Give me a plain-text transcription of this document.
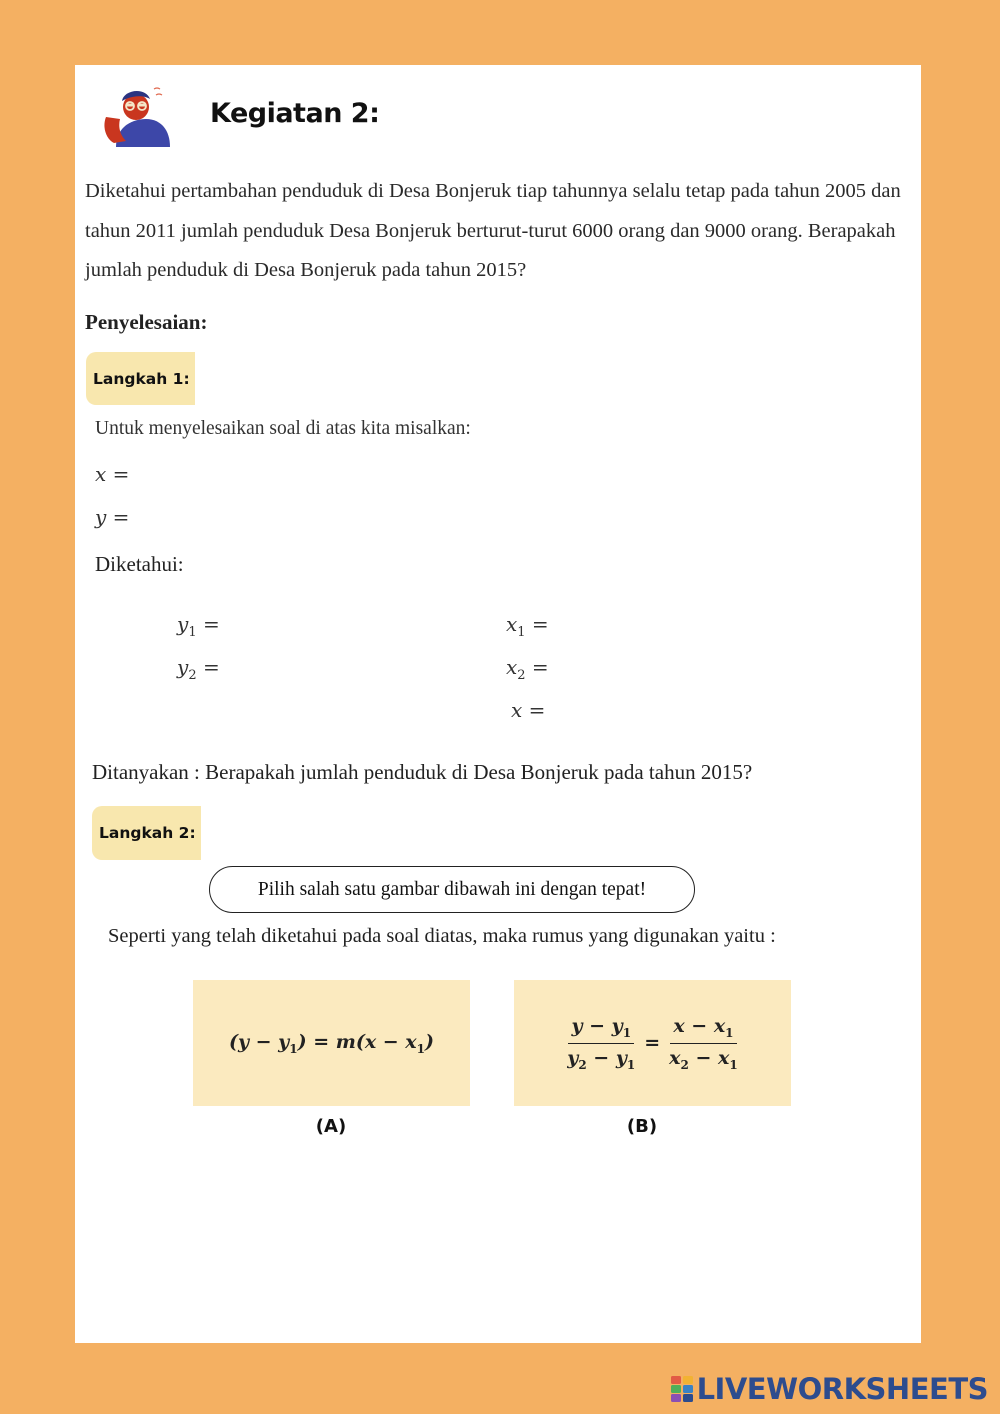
Kegiatan 2:
Diketahui pertambahan penduduk di Desa Bonjeruk tiap tahunnya selalu tetap pada tahun 2005 dan tahun 2011 jumlah penduduk Desa Bonjeruk berturut-turut 6000 orang dan 9000 orang. Berapakah jumlah penduduk di Desa Bonjeruk pada tahun 2015?
Penyelesaian:
Langkah 1:
Untuk menyelesaikan soal di atas kita misalkan:
x =
y =
Diketahui:
$y_1$ =
$y_2$ =
$x_1$ =
$x_2$ =
x =
Ditanyakan : Berapakah jumlah penduduk di Desa Bonjeruk pada tahun 2015?
Langkah 2:
Pilih salah satu gambar dibawah ini dengan tepat!
Seperti yang telah diketahui pada soal diatas, maka rumus yang digunakan yaitu :
$(y - y_1) = m(x - x_1)$
(A)
$\frac{y - y_1}{y_2 - y_1} = \frac{x - x_1}{x_2 - x_1}$
(B)
LIVEWORKSHEETS
